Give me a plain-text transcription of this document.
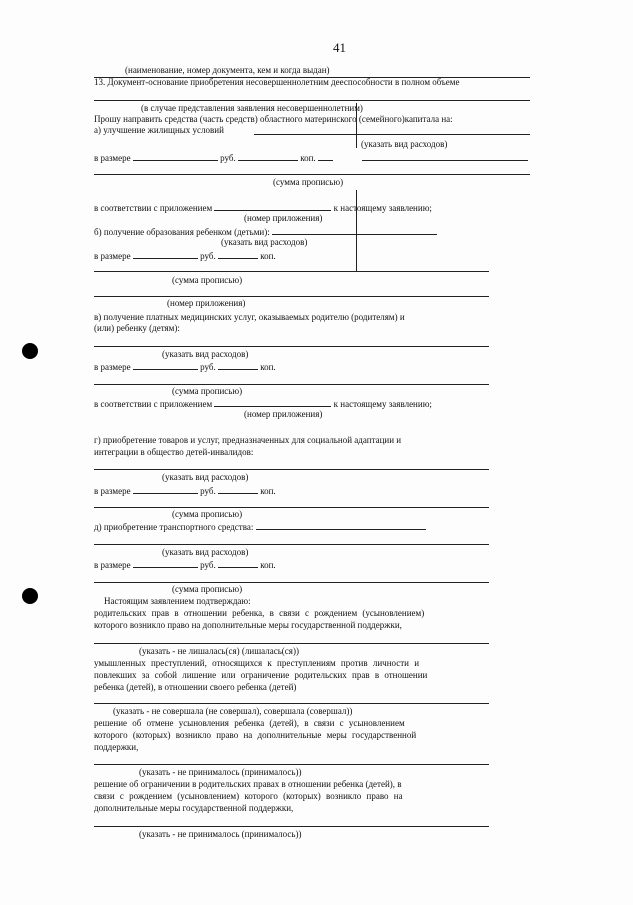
41
(наименование, номер документа, кем и когда выдан)
13. Документ-основание приобретения несовершеннолетним дееспособности в полном объеме
(в случае представления заявления несовершеннолетним)
Прошу направить средства (часть средств) областного материнского (семейного)капитала на:
а) улучшение жилищных условий
(указать вид расходов)
в размере	руб.	коп.
(сумма прописью)
в соответствии с приложением	к настоящему заявлению;
(номер приложения)
б) получение образования ребенком (детьми):
(указать вид расходов)
в размере	руб.	коп.
(сумма прописью)
(номер приложения)
в) получение платных медицинских услуг, оказываемых родителю (родителям) и
(или) ребенку (детям):
(указать вид расходов)
в размере	руб.	коп.
(сумма прописью)
в соответствии с приложением	к настоящему заявлению;
(номер приложения)
г) приобретение товаров и услуг, предназначенных для социальной адаптации и
интеграции в общество детей-инвалидов:
(указать вид расходов)
в размере	руб.	коп.
(сумма прописью)
д) приобретение транспортного средства:
(указать вид расходов)
в размере	руб.	коп.
(сумма прописью)
Настоящим заявлением подтверждаю:
родительских прав в отношении ребенка, в связи с рождением (усыновлением)
которого возникло право на дополнительные меры государственной поддержки,
(указать - не лишалась(ся) (лишалась(ся))
умышленных преступлений, относящихся к преступлениям против личности и
повлекших за собой лишение или ограничение родительских прав в отношении
ребенка (детей), в отношении своего ребенка (детей)
(указать - не совершала (не совершал), совершала (совершал))
решение об отмене усыновления ребенка (детей), в связи с усыновлением
которого (которых) возникло право на дополнительные меры государственной
поддержки,
(указать - не принималось (принималось))
решение об ограничении в родительских правах в отношении ребенка (детей), в
связи с рождением (усыновлением) которого (которых) возникло право на
дополнительные меры государственной поддержки,
(указать - не принималось (принималось))
